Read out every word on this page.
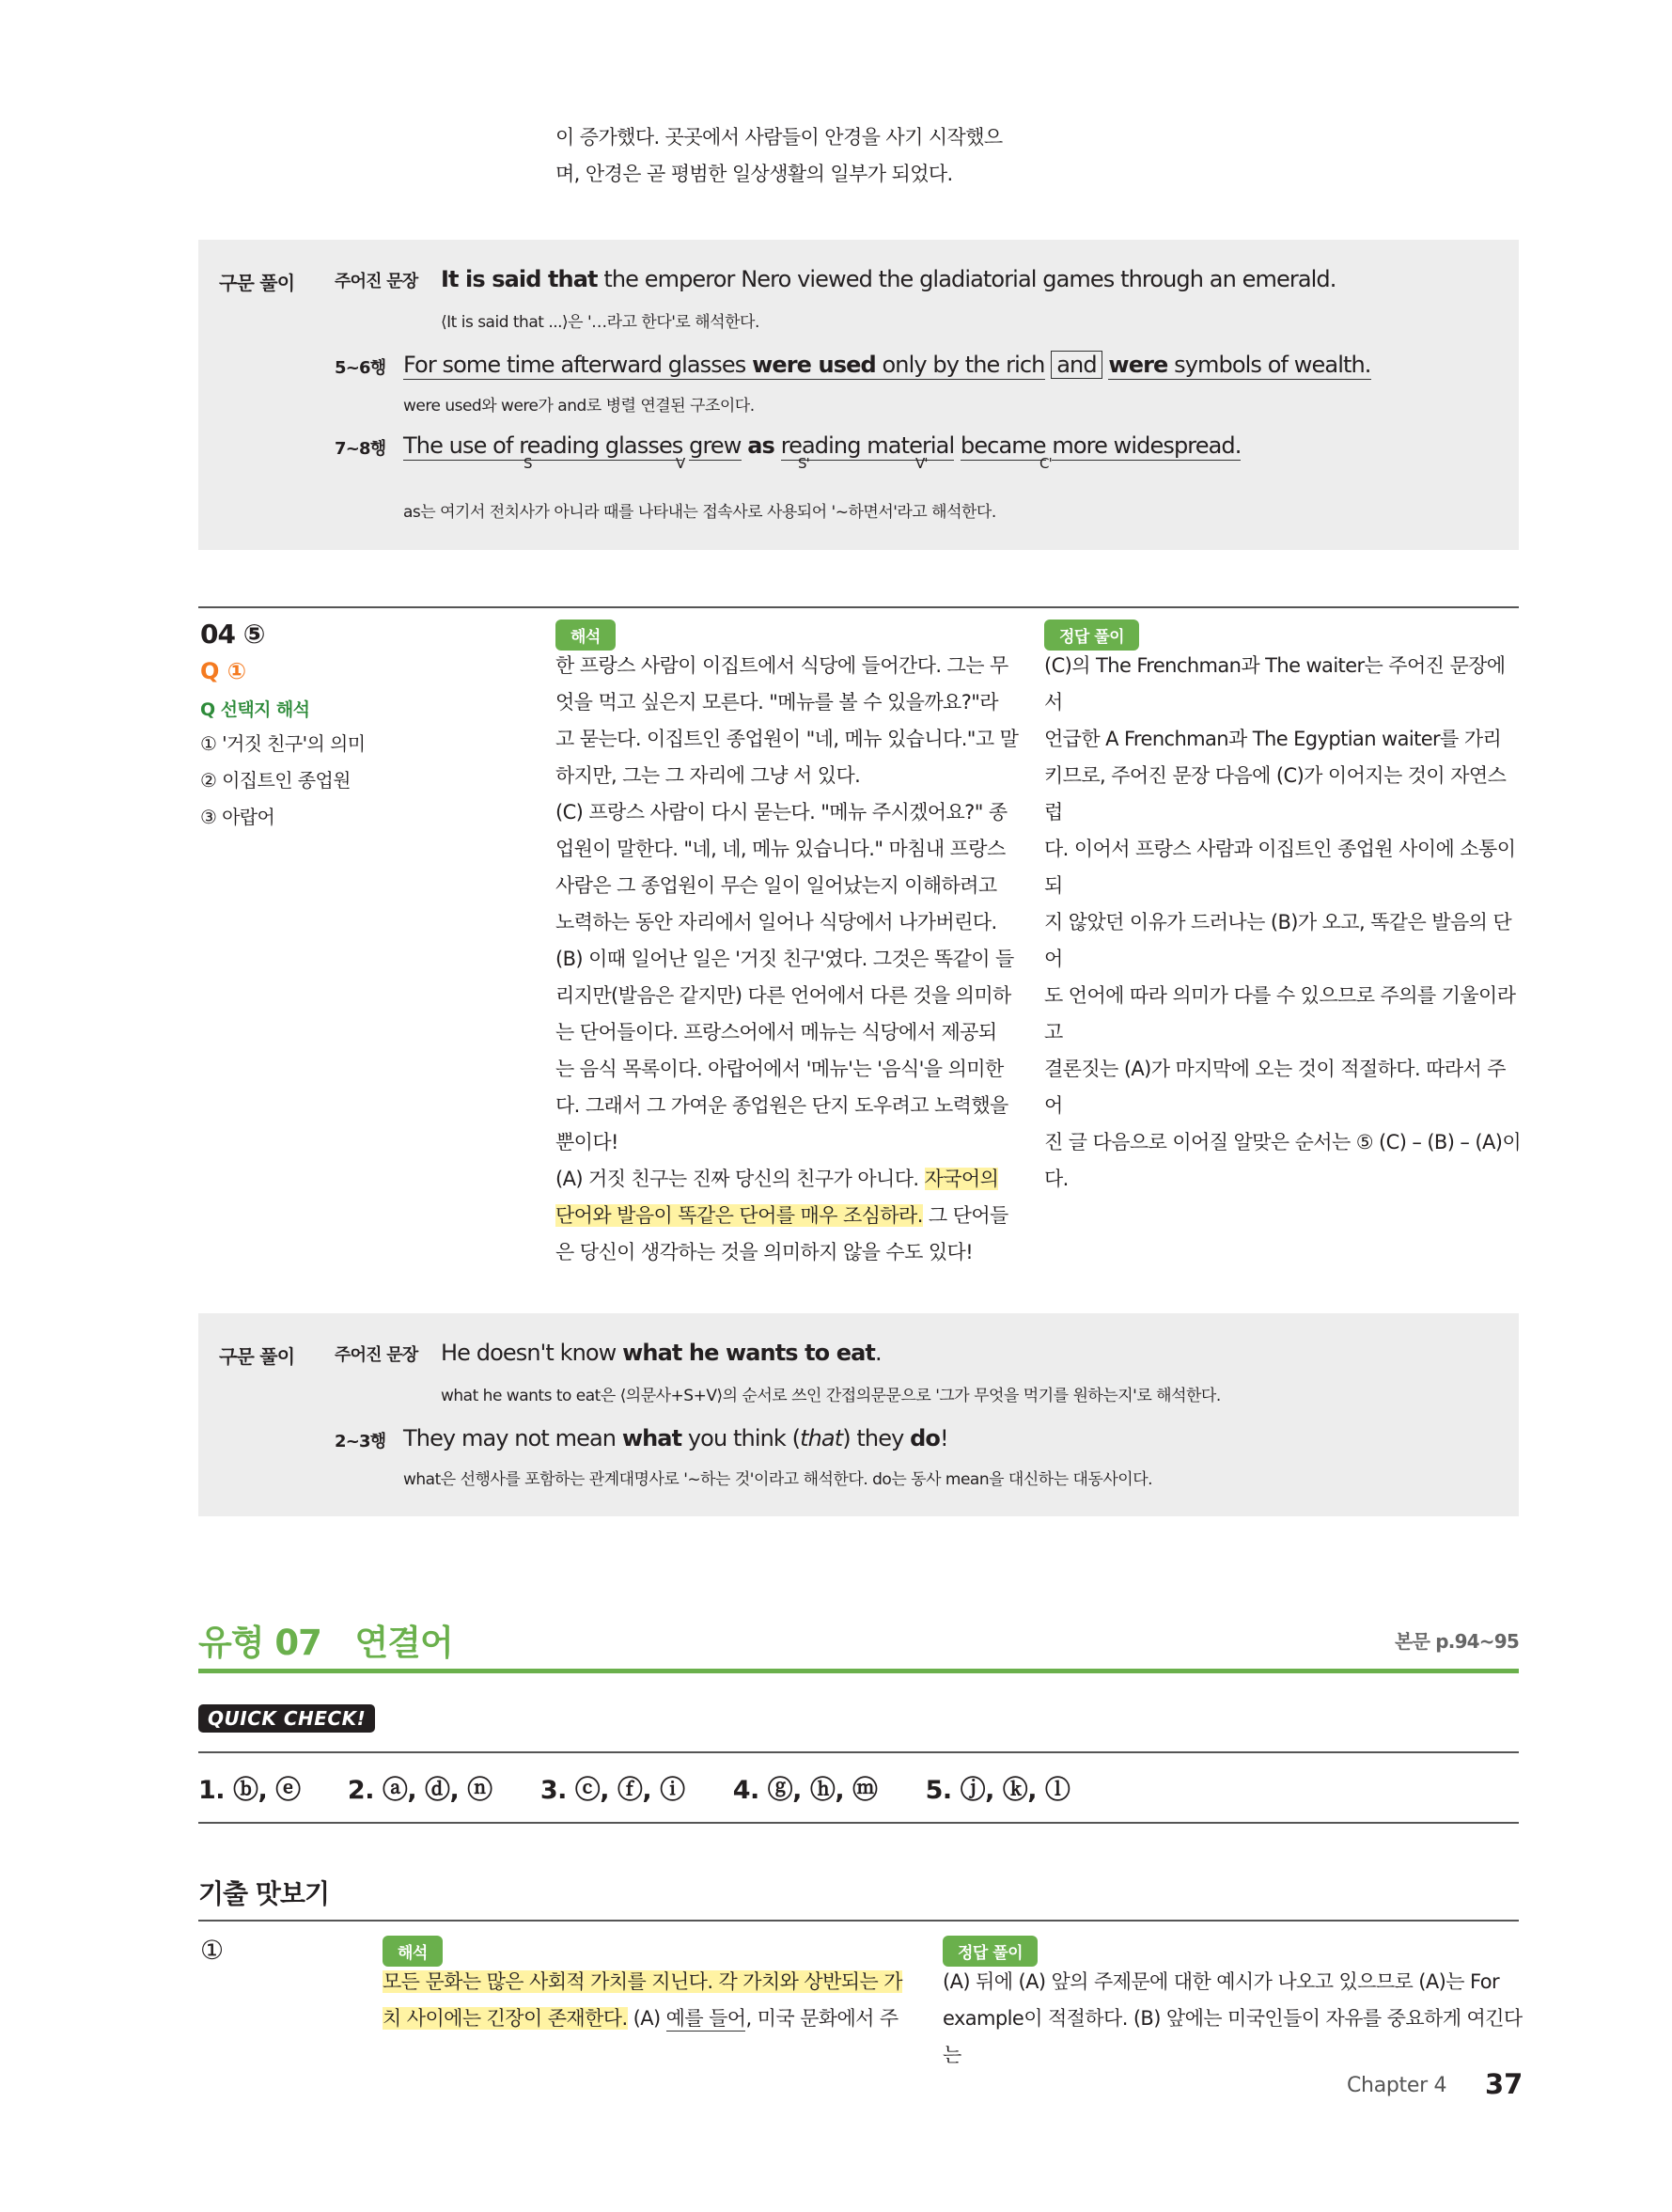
이 증가했다. 곳곳에서 사람들이 안경을 사기 시작했으

며, 안경은 곧 평범한 일상생활의 일부가 되었다.

구문 풀이 주어진 문장 It is said that the emperor Nero viewed the gladiatorial games through an emerald.
⟨It is said that ...⟩은 '…라고 한다'로 해석한다.
5~6행 For some time afterward glasses were used only by the rich and were symbols of wealth.
were used와 were가 and로 병렬 연결된 구조이다.
7~8행 The use of reading glasses grew as reading material became more widespread.
S	V	S'	V'	C'
as는 여기서 전치사가 아니라 때를 나타내는 접속사로 사용되어 '~하면서'라고 해석한다.
04 ⑤
Q ①
Q 선택지 해석

① '거짓 친구'의 의미

② 이집트인 종업원

③ 아랍어

해석

한 프랑스 사람이 이집트에서 식당에 들어간다. 그는 무

엇을 먹고 싶은지 모른다. "메뉴를 볼 수 있을까요?"라

고 묻는다. 이집트인 종업원이 "네, 메뉴 있습니다."고 말

하지만, 그는 그 자리에 그냥 서 있다.

(C) 프랑스 사람이 다시 묻는다. "메뉴 주시겠어요?" 종

업원이 말한다. "네, 네, 메뉴 있습니다." 마침내 프랑스

사람은 그 종업원이 무슨 일이 일어났는지 이해하려고

노력하는 동안 자리에서 일어나 식당에서 나가버린다.

(B) 이때 일어난 일은 '거짓 친구'였다. 그것은 똑같이 들

리지만(발음은 같지만) 다른 언어에서 다른 것을 의미하

는 단어들이다. 프랑스어에서 메뉴는 식당에서 제공되

는 음식 목록이다. 아랍어에서 '메뉴'는 '음식'을 의미한

다. 그래서 그 가여운 종업원은 단지 도우려고 노력했을

뿐이다!

(A) 거짓 친구는 진짜 당신의 친구가 아니다. 자국어의

단어와 발음이 똑같은 단어를 매우 조심하라. 그 단어들

은 당신이 생각하는 것을 의미하지 않을 수도 있다!

정답 풀이

(C)의 The Frenchman과 The waiter는 주어진 문장에서

언급한 A Frenchman과 The Egyptian waiter를 가리

키므로, 주어진 문장 다음에 (C)가 이어지는 것이 자연스럽

다. 이어서 프랑스 사람과 이집트인 종업원 사이에 소통이 되

지 않았던 이유가 드러나는 (B)가 오고, 똑같은 발음의 단어

도 언어에 따라 의미가 다를 수 있으므로 주의를 기울이라고

결론짓는 (A)가 마지막에 오는 것이 적절하다. 따라서 주어

진 글 다음으로 이어질 알맞은 순서는 ⑤ (C) – (B) – (A)이

다.

구문 풀이 주어진 문장 He doesn't know what he wants to eat.
what he wants to eat은 ⟨의문사+S+V⟩의 순서로 쓰인 간접의문문으로 '그가 무엇을 먹기를 원하는지'로 해석한다.
2~3행 They may not mean what you think (that) they do!
what은 선행사를 포함하는 관계대명사로 '~하는 것'이라고 해석한다. do는 동사 mean을 대신하는 대동사이다.
유형 07   연결어	본문 p.94~95
QUICK CHECK!
1. ⓑ, ⓔ 2. ⓐ, ⓓ, ⓝ 3. ⓒ, ⓕ, ⓘ 4. ⓖ, ⓗ, ⓜ 5. ⓙ, ⓚ, ⓛ
기출 맛보기
①	해석

모든 문화는 많은 사회적 가치를 지닌다. 각 가치와 상반되는 가

치 사이에는 긴장이 존재한다. (A) 예를 들어, 미국 문화에서 주

정답 풀이

(A) 뒤에 (A) 앞의 주제문에 대한 예시가 나오고 있으므로 (A)는 For

example이 적절하다. (B) 앞에는 미국인들이 자유를 중요하게 여긴다는

Chapter 4 37
